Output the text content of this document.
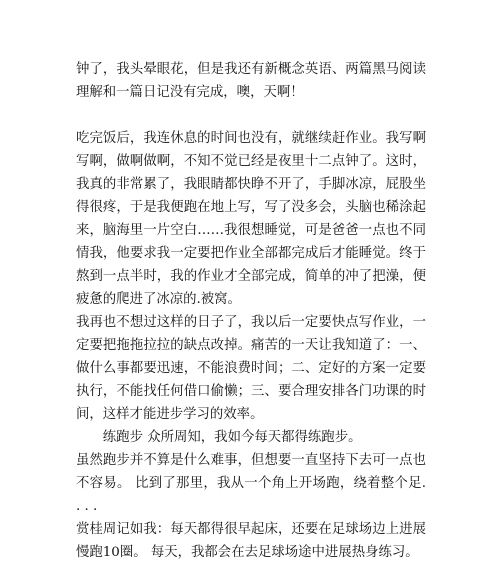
钟了，我头晕眼花，但是我还有新概念英语、两篇黑马阅读理解和一篇日记没有完成，噢，天啊！

吃完饭后，我连休息的时间也没有，就继续赶作业。我写啊写啊，做啊做啊，不知不觉已经是夜里十二点钟了。这时，我真的非常累了，我眼睛都快睁不开了，手脚冰凉，屁股坐得很疼，于是我便跑在地上写，写了没多会，头脑也稀涂起来，脑海里一片空白……我很想睡觉，可是爸爸一点也不同情我，他要求我一定要把作业全部都完成后才能睡觉。终于熬到一点半时，我的作业才全部完成，简单的冲了把澡，便疲惫的爬进了冰凉的.被窝。

我再也不想过这样的日子了，我以后一定要快点写作业，一定要把拖拖拉拉的缺点改掉。痛苦的一天让我知道了：一、做什么事都要迅速，不能浪费时间；二、定好的方案一定要执行，不能找任何借口偷懒；三、要合理安排各门功课的时间，这样才能进步学习的效率。

练跑步 众所周知，我如今每天都得练跑步。

虽然跑步并不算是什么难事，但想要一直坚持下去可一点也不容易。 比到了那里，我从一个角上开场跑，绕着整个足. . . .

赏桂周记如我：每天都得很早起床，还要在足球场边上进展慢跑10圈。 每天，我都会在去足球场途中进展热身练习。
